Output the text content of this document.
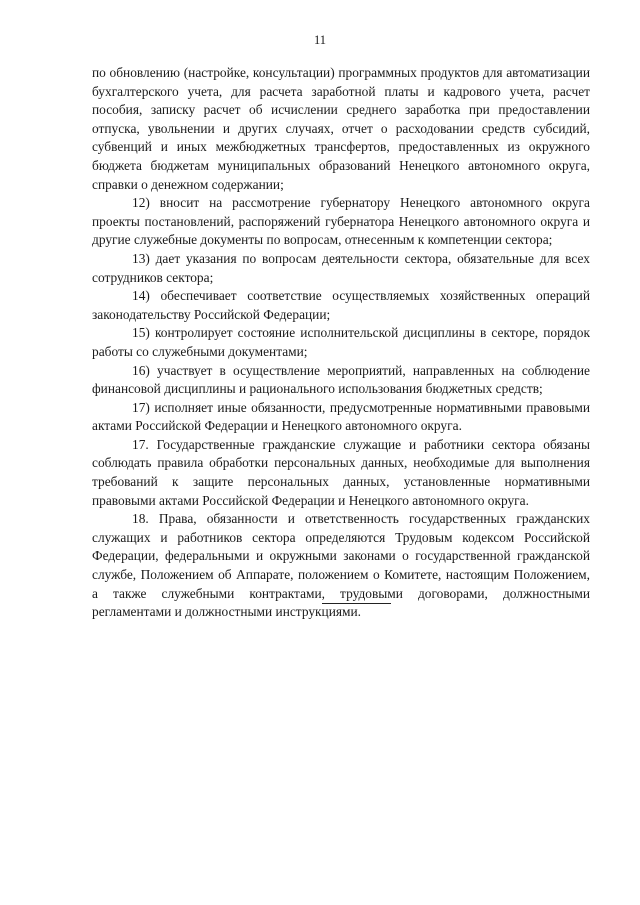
11

по обновлению (настройке, консультации) программных продуктов для автоматизации бухгалтерского учета, для расчета заработной платы и кадрового учета, расчет пособия, записку расчет об исчислении среднего заработка при предоставлении отпуска, увольнении и других случаях, отчет о расходовании средств субсидий, субвенций и иных межбюджетных трансфертов, предоставленных из окружного бюджета бюджетам муниципальных образований Ненецкого автономного округа, справки о денежном содержании;

12) вносит на рассмотрение губернатору Ненецкого автономного округа проекты постановлений, распоряжений губернатора Ненецкого автономного округа и другие служебные документы по вопросам, отнесенным к компетенции сектора;

13) дает указания по вопросам деятельности сектора, обязательные для всех сотрудников сектора;

14) обеспечивает соответствие осуществляемых хозяйственных операций законодательству Российской Федерации;

15) контролирует состояние исполнительской дисциплины в секторе, порядок работы со служебными документами;

16) участвует в осуществление мероприятий, направленных на соблюдение финансовой дисциплины и рационального использования бюджетных средств;

17) исполняет иные обязанности, предусмотренные нормативными правовыми актами Российской Федерации и Ненецкого автономного округа.

17. Государственные гражданские служащие и работники сектора обязаны соблюдать правила обработки персональных данных, необходимые для выполнения требований к защите персональных данных, установленные нормативными правовыми актами Российской Федерации и Ненецкого автономного округа.

18. Права, обязанности и ответственность государственных гражданских служащих и работников сектора определяются Трудовым кодексом Российской Федерации, федеральными и окружными законами о государственной гражданской службе, Положением об Аппарате, положением о Комитете, настоящим Положением, а также служебными контрактами, трудовыми договорами, должностными регламентами и должностными инструкциями.
